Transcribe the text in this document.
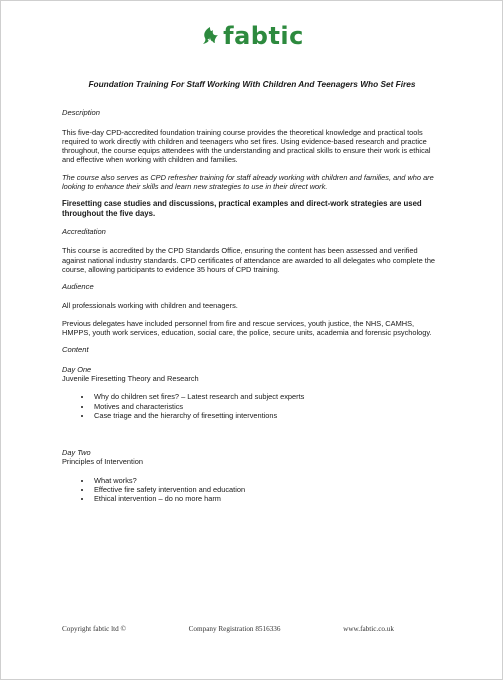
fabtic
Foundation Training For Staff Working With Children And Teenagers Who Set Fires
Description

This five-day CPD-accredited foundation training course provides the theoretical knowledge and practical tools required to work directly with children and teenagers who set fires. Using evidence-based research and practice throughout, the course equips attendees with the understanding and practical skills to ensure their work is ethical and effective when working with children and families.

The course also serves as CPD refresher training for staff already working with children and families, and who are looking to enhance their skills and learn new strategies to use in their direct work.

Firesetting case studies and discussions, practical examples and direct-work strategies are used throughout the five days.

Accreditation

This course is accredited by the CPD Standards Office, ensuring the content has been assessed and verified against national industry standards. CPD certificates of attendance are awarded to all delegates who complete the course, allowing participants to evidence 35 hours of CPD training.

Audience

All professionals working with children and teenagers.

Previous delegates have included personnel from fire and rescue services, youth justice, the NHS, CAMHS, HMPPS, youth work services, education, social care, the police, secure units, academia and forensic psychology.

Content
Day One
Juvenile Firesetting Theory and Research
• Why do children set fires? – Latest research and subject experts
• Motives and characteristics
• Case triage and the hierarchy of firesetting interventions
Day Two
Principles of Intervention
• What works?
• Effective fire safety intervention and education
• Ethical intervention – do no more harm
Copyright fabtic ltd ©	Company Registration 8516336	www.fabtic.co.uk
